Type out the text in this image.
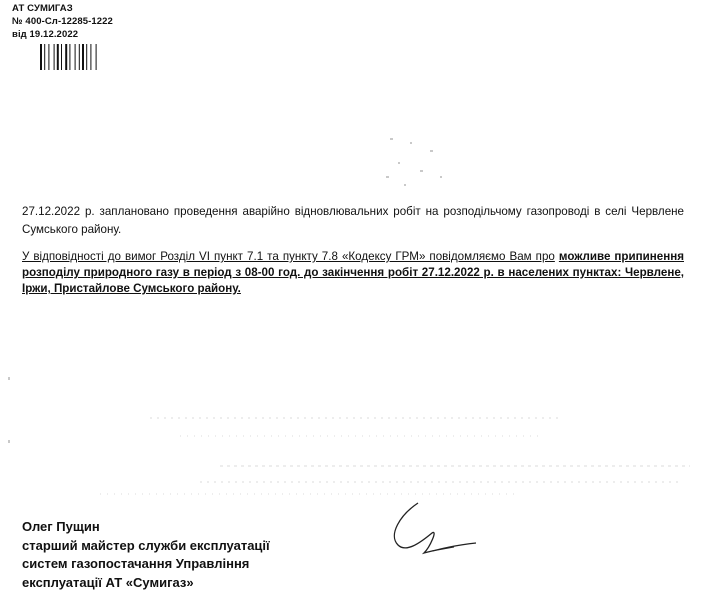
АТ СУМИГАЗ
№ 400-Сл-12285-1222
від 19.12.2022
27.12.2022 р. заплановано проведення аварійно відновлювальних робіт на розподільчому газопроводі в селі Червлене Сумського району.
У відповідності до вимог Розділ VI пункт 7.1 та пункту 7.8 «Кодексу ГРМ» повідомляємо Вам про можливе припинення розподілу природного газу в період з 08-00 год. до закінчення робіт 27.12.2022 р. в населених пунктах: Червлене, Іржи, Пристайлове Сумського району.
Олег Пущин
старший майстер служби експлуатації
систем газопостачання Управління
експлуатації АТ «Сумигаз»
